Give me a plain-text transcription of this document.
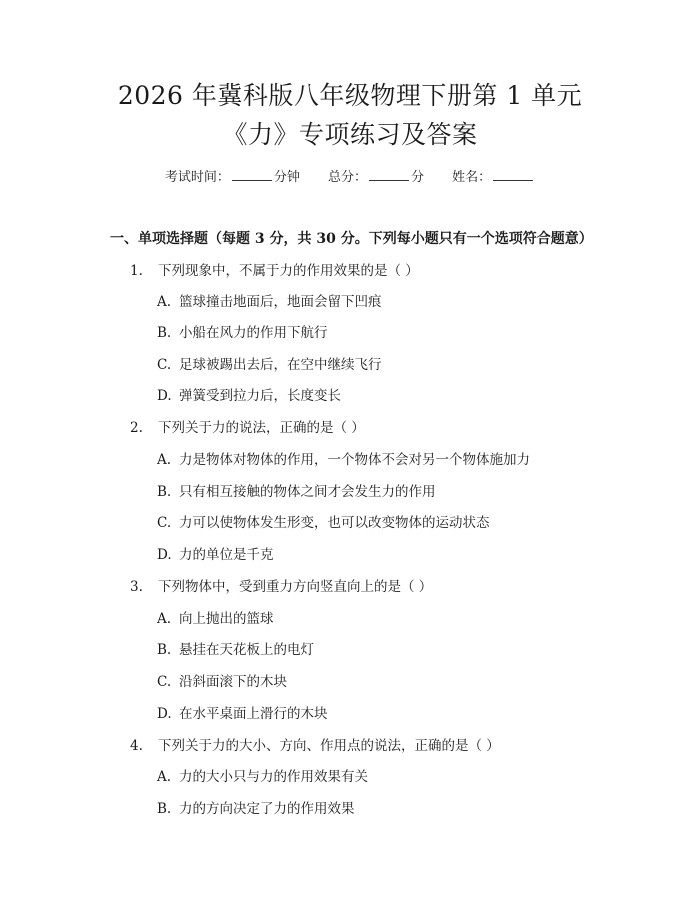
2026 年冀科版八年级物理下册第 1 单元
《力》专项练习及答案
考试时间：	分钟 总分：	分 姓名：
一、单项选择题（每题 3 分，共 30 分。下列每小题只有一个选项符合题意）
1. 下列现象中，不属于力的作用效果的是（ ）
A. 篮球撞击地面后，地面会留下凹痕
B. 小船在风力的作用下航行
C. 足球被踢出去后，在空中继续飞行
D. 弹簧受到拉力后，长度变长
2. 下列关于力的说法，正确的是（ ）
A. 力是物体对物体的作用，一个物体不会对另一个物体施加力
B. 只有相互接触的物体之间才会发生力的作用
C. 力可以使物体发生形变，也可以改变物体的运动状态
D. 力的单位是千克
3. 下列物体中，受到重力方向竖直向上的是（ ）
A. 向上抛出的篮球
B. 悬挂在天花板上的电灯
C. 沿斜面滚下的木块
D. 在水平桌面上滑行的木块
4. 下列关于力的大小、方向、作用点的说法，正确的是（ ）
A. 力的大小只与力的作用效果有关
B. 力的方向决定了力的作用效果
